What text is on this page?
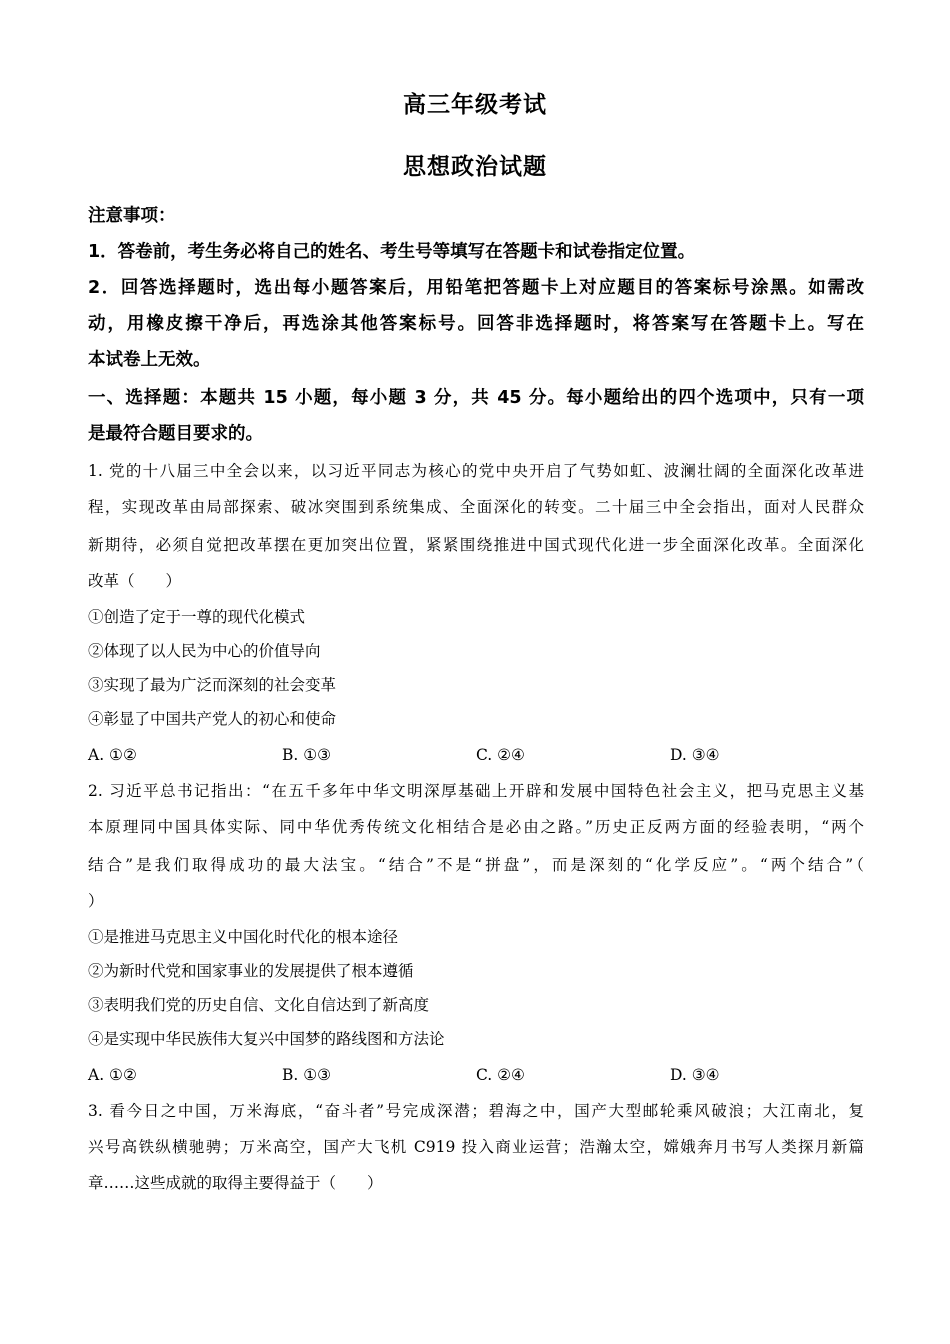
高三年级考试
思想政治试题
注意事项：
1．答卷前，考生务必将自己的姓名、考生号等填写在答题卡和试卷指定位置。
2．回答选择题时，选出每小题答案后，用铅笔把答题卡上对应题目的答案标号涂黑。如需改
动，用橡皮擦干净后，再选涂其他答案标号。回答非选择题时，将答案写在答题卡上。写在
本试卷上无效。
一、选择题：本题共 15 小题，每小题 3 分，共 45 分。每小题给出的四个选项中，只有一项
是最符合题目要求的。
1. 党的十八届三中全会以来，以习近平同志为核心的党中央开启了气势如虹、波澜壮阔的全面深化改革进
程，实现改革由局部探索、破冰突围到系统集成、全面深化的转变。二十届三中全会指出，面对人民群众
新期待，必须自觉把改革摆在更加突出位置，紧紧围绕推进中国式现代化进一步全面深化改革。全面深化
改革（　　）
①创造了定于一尊的现代化模式
②体现了以人民为中心的价值导向
③实现了最为广泛而深刻的社会变革
④彰显了中国共产党人的初心和使命
A. ①②	B. ①③	C. ②④	D. ③④
2. 习近平总书记指出：“在五千多年中华文明深厚基础上开辟和发展中国特色社会主义，把马克思主义基
本原理同中国具体实际、同中华优秀传统文化相结合是必由之路。”历史正反两方面的经验表明，“两个
结合”是我们取得成功的最大法宝。“结合”不是“拼盘”，而是深刻的“化学反应”。“两个结合”（
）
①是推进马克思主义中国化时代化的根本途径
②为新时代党和国家事业的发展提供了根本遵循
③表明我们党的历史自信、文化自信达到了新高度
④是实现中华民族伟大复兴中国梦的路线图和方法论
A. ①②	B. ①③	C. ②④	D. ③④
3. 看今日之中国，万米海底，“奋斗者”号完成深潜；碧海之中，国产大型邮轮乘风破浪；大江南北，复
兴号高铁纵横驰骋；万米高空，国产大飞机 C919 投入商业运营；浩瀚太空，嫦娥奔月书写人类探月新篇
章……这些成就的取得主要得益于（　　）
